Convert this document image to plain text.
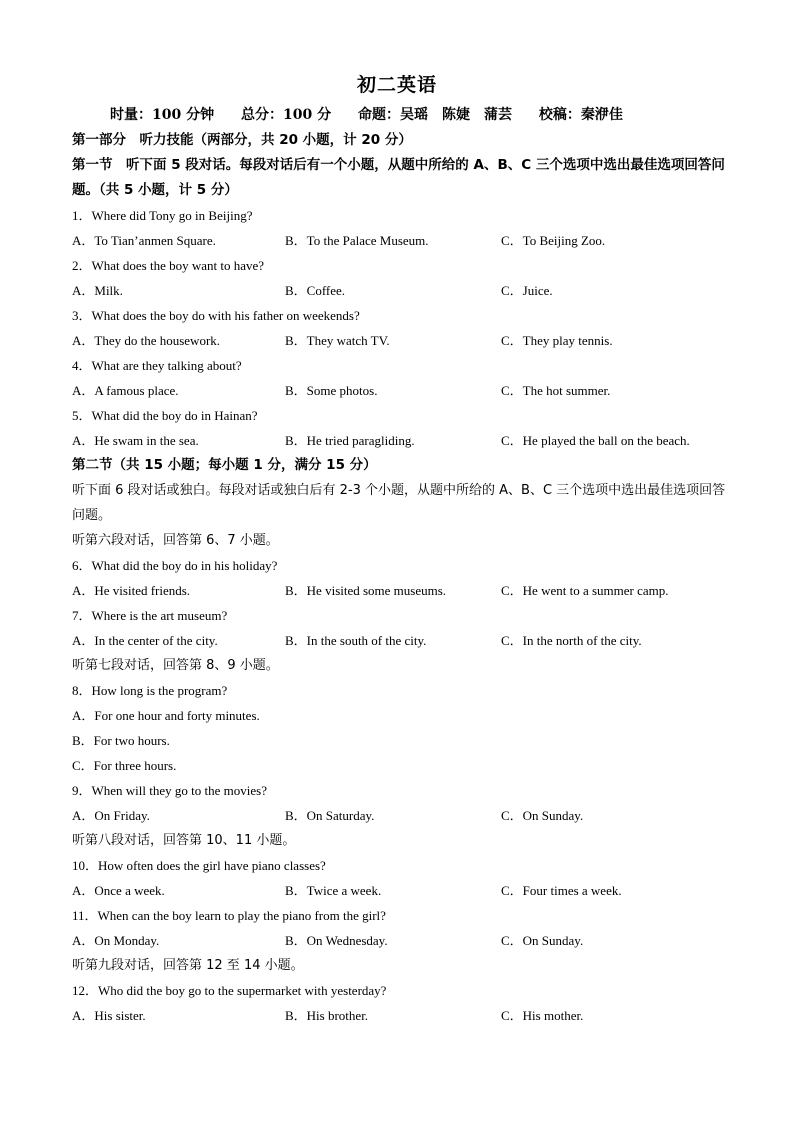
初二英语
时量：100 分钟 总分：100 分 命题：吴瑶　陈婕　蒲芸 校稿：秦洢佳
第一部分　听力技能（两部分，共 20 小题，计 20 分）
第一节　听下面 5 段对话。每段对话后有一个小题，从题中所给的 A、B、C 三个选项中选出最佳选项回答问题。（共 5 小题，计 5 分）
1．Where did Tony go in Beijing?
A．To Tian’anmen Square.	B．To the Palace Museum.	C．To Beijing Zoo.
2．What does the boy want to have?
A．Milk.	B．Coffee.	C．Juice.
3．What does the boy do with his father on weekends?
A．They do the housework.	B．They watch TV.	C．They play tennis.
4．What are they talking about?
A．A famous place.	B．Some photos.	C．The hot summer.
5．What did the boy do in Hainan?
A．He swam in the sea.	B．He tried paragliding.	C．He played the ball on the beach.
第二节（共 15 小题；每小题 1 分，满分 15 分）
听下面 6 段对话或独白。每段对话或独白后有 2-3 个小题，从题中所给的 A、B、C 三个选项中选出最佳选项回答问题。
听第六段对话，回答第 6、7 小题。
6．What did the boy do in his holiday?
A．He visited friends.	B．He visited some museums.	C．He went to a summer camp.
7．Where is the art museum?
A．In the center of the city.	B．In the south of the city.	C．In the north of the city.
听第七段对话，回答第 8、9 小题。
8．How long is the program?
A．For one hour and forty minutes.
B．For two hours.
C．For three hours.
9．When will they go to the movies?
A．On Friday.	B．On Saturday.	C．On Sunday.
听第八段对话，回答第 10、11 小题。
10．How often does the girl have piano classes?
A．Once a week.	B．Twice a week.	C．Four times a week.
11．When can the boy learn to play the piano from the girl?
A．On Monday.	B．On Wednesday.	C．On Sunday.
听第九段对话，回答第 12 至 14 小题。
12．Who did the boy go to the supermarket with yesterday?
A．His sister.	B．His brother.	C．His mother.
